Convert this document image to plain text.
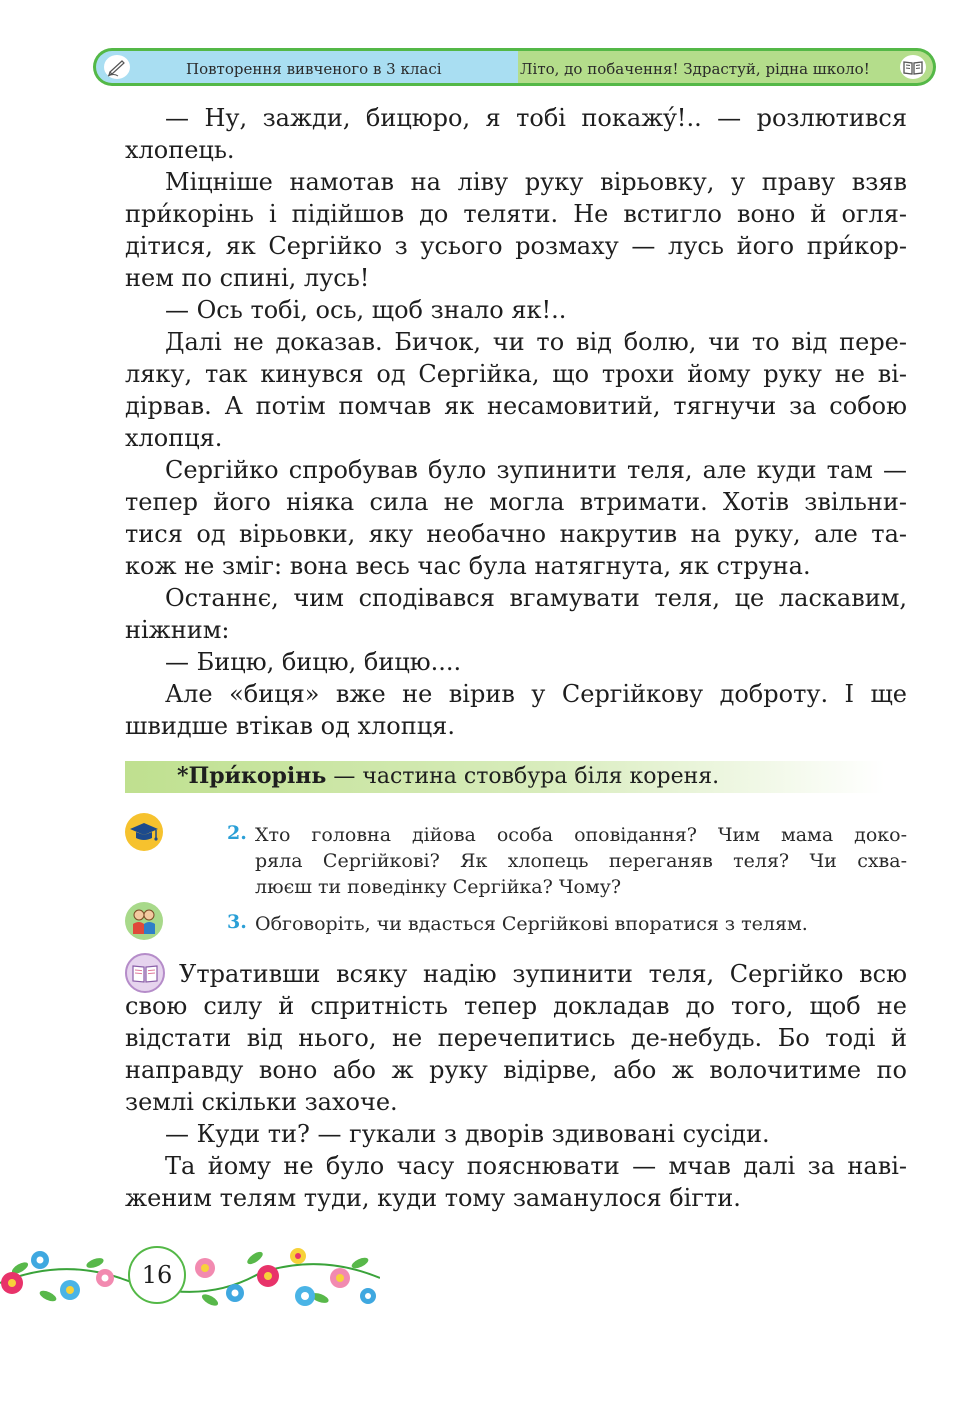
Повторення вивченого в 3 класі	Літо, до побачення! Здрастуй, рідна школо!
— Ну, зажди, бицюро, я тобі покажý!.. — розлютився
хлопець.
Міцніше намотав на ліву руку вірьовку, у праву взяв
при́корінь і підійшов до теляти. Не встигло воно й огля-
дітися, як Сергійко з усього розмаху — лусь його при́кор-
нем по спині, лусь!
— Ось тобі, ось, щоб знало як!..
Далі не доказав. Бичок, чи то від болю, чи то від пере-
ляку, так кинувся од Сергійка, що трохи йому руку не ві-
дірвав. А потім помчав як несамовитий, тягнучи за собою
хлопця.
Сергійко спробував було зупинити теля, але куди там —
тепер його ніяка сила не могла втримати. Хотів звільни-
тися од вірьовки, яку необачно накрутив на руку, але та-
кож не зміг: вона весь час була натягнута, як струна.
Останнє, чим сподівався вгамувати теля, це ласкавим,
ніжним:
— Бицю, бицю, бицю....
Але «биця» вже не вірив у Сергійкову доброту. І ще
швидше втікав од хлопця.
*При́корінь — частина стовбура біля кореня.
2. Хто головна дійова особа оповідання? Чим мама доко-
ряла Сергійкові? Як хлопець переганяв теля? Чи схва-
люєш ти поведінку Сергійка? Чому?
3. Обговоріть, чи вдасться Сергійкові впоратися з телям.
Утративши всяку надію зупинити теля, Сергійко всю
свою силу й спритність тепер докладав до того, щоб не
відстати від нього, не перечепитись де-небудь. Бо тоді й
направду воно або ж руку відірве, або ж волочитиме по
землі скільки захоче.
— Куди ти? — гукали з дворів здивовані сусіди.
Та йому не було часу пояснювати — мчав далі за наві-
женим телям туди, куди тому заманулося бігти.
16
